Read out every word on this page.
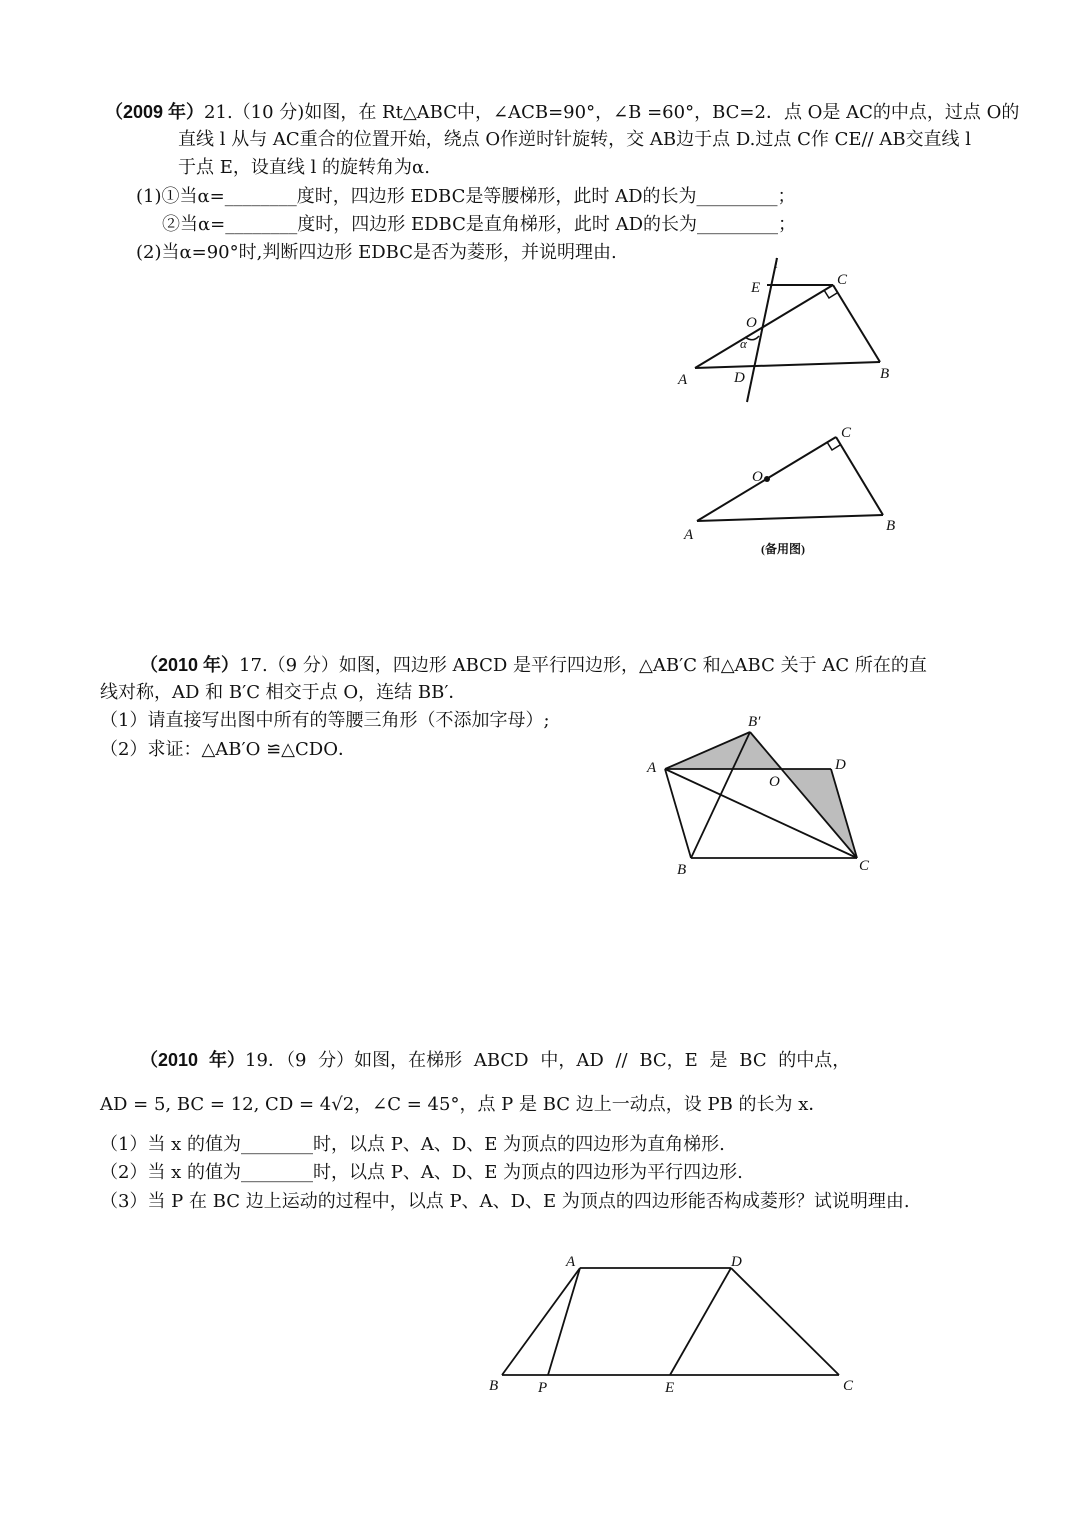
（2009 年）21.（10 分)如图，在 Rt△ABC中，∠ACB=90°，∠B =60°，BC=2．点 O是 AC的中点，过点 O的
直线 l 从与 AC重合的位置开始，绕点 O作逆时针旋转，交 AB边于点 D.过点 C作 CE// AB交直线 l
于点 E，设直线 l 的旋转角为α.
(1)①当α=________度时，四边形 EDBC是等腰梯形，此时 AD的长为_________；
②当α=________度时，四边形 EDBC是直角梯形，此时 AD的长为_________；
(2)当α=90°时,判断四边形 EDBC是否为菱形，并说明理由.
l
E	C
O
α
A	D	B
C
O
A
B
(备用图)
（2010 年）17.（9 分）如图，四边形 ABCD 是平行四边形，△AB′C 和△ABC 关于 AC 所在的直
线对称，AD 和 B′C 相交于点 O，连结 BB′．
（1）请直接写出图中所有的等腰三角形（不添加字母）;
（2）求证：△AB′O ≌△CDO．
B′
A	D
O
B	C
（2010 年）19．（9 分）如图，在梯形 ABCD 中，AD // BC，E 是 BC 的中点，
AD = 5, BC = 12, CD = 4√2，∠C = 45°，点 P 是 BC 边上一动点，设 PB 的长为 x．
（1）当 x 的值为________时，以点 P、A、D、E 为顶点的四边形为直角梯形.
（2）当 x 的值为________时，以点 P、A、D、E 为顶点的四边形为平行四边形.
（3）当 P 在 BC 边上运动的过程中，以点 P、A、D、E 为顶点的四边形能否构成菱形？试说明理由.
A	D
B	P	E	C
